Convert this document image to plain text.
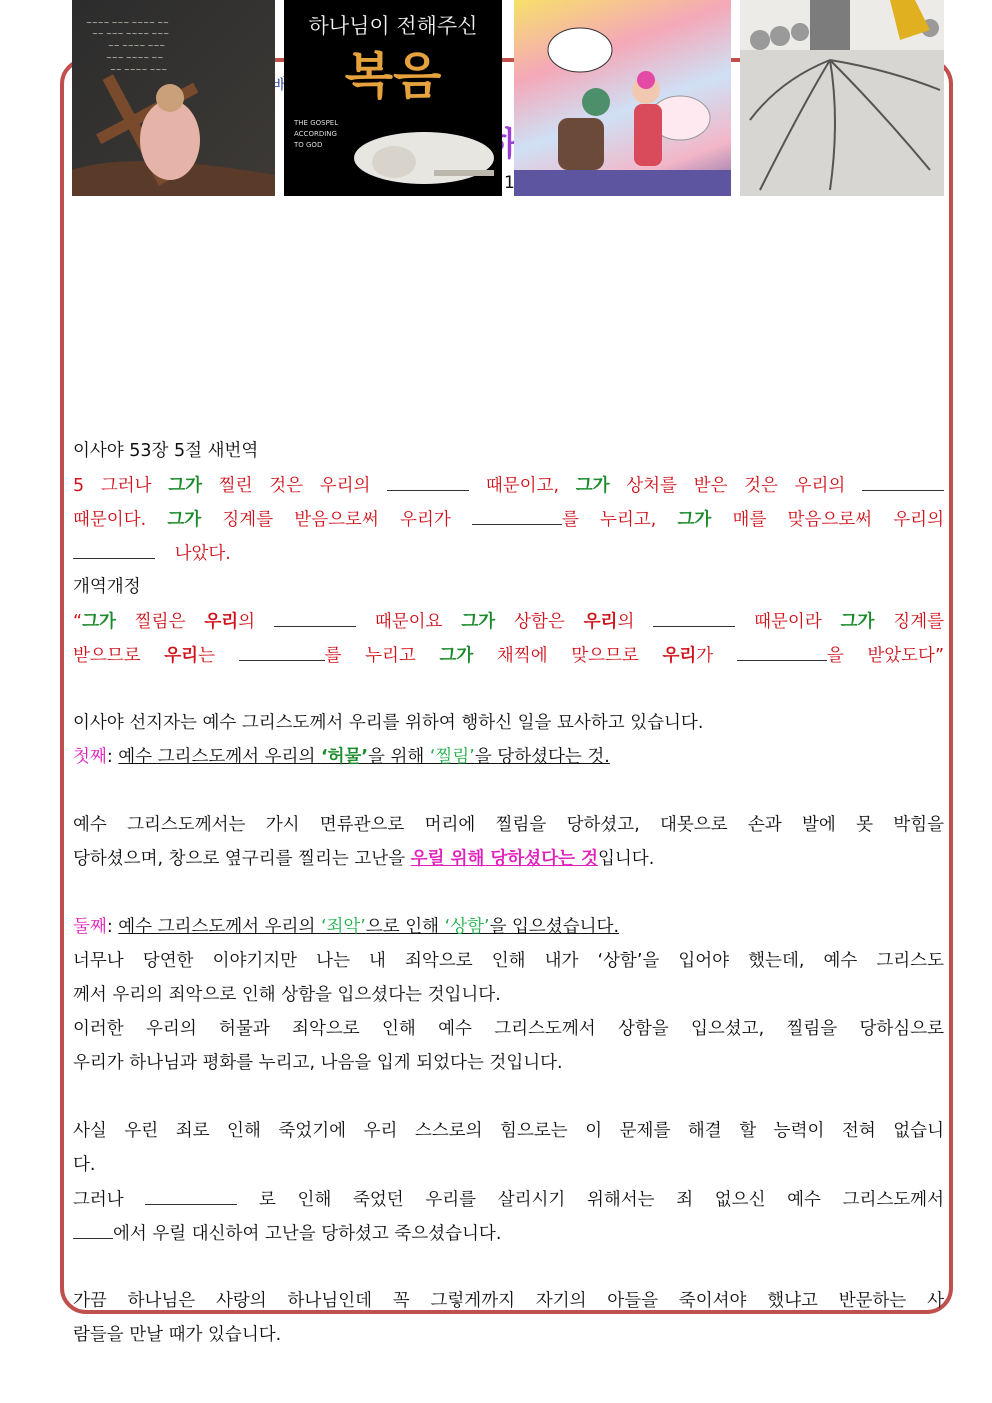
~~~~ ~~~ ~~~~ ~~
~~ ~~~ ~~~~ ~~~
~~ ~~~~ ~~~
~~~ ~~~~ ~~
~~ ~~~~ ~~~
하나님이 전해주신
복음
THE GOSPEL
ACCORDING
TO GOD
이사야 53장 5절 새번역
5 그러나 그가 찔린 것은 우리의	때문이고, 그가 상처를 받은 것은 우리의
때문이다. 그가 징계를 받음으로써 우리가	를 누리고, 그가 매를 맞음으로써 우리의
나았다.
개역개정
“그가 찔림은 우리의	때문이요 그가 상함은 우리의	때문이라 그가 징계를
받으므로 우리는	를 누리고 그가 채찍에 맞으므로 우리가	을 받았도다”
이사야 선지자는 예수 그리스도께서 우리를 위하여 행하신 일을 묘사하고 있습니다.
첫째: 예수 그리스도께서 우리의 ‘허물’을 위해 ‘찔림’을 당하셨다는 것.
예수 그리스도께서는 가시 면류관으로 머리에 찔림을 당하셨고, 대못으로 손과 발에 못 박힘을
당하셨으며, 창으로 옆구리를 찔리는 고난을 우릴 위해 당하셨다는 것입니다.
둘째: 예수 그리스도께서 우리의 ‘죄악’으로 인해 ‘상함’을 입으셨습니다.
너무나 당연한 이야기지만 나는 내 죄악으로 인해 내가 ‘상함’을 입어야 했는데, 예수 그리스도
께서 우리의 죄악으로 인해 상함을 입으셨다는 것입니다.
이러한 우리의 허물과 죄악으로 인해 예수 그리스도께서 상함을 입으셨고, 찔림을 당하심으로
우리가 하나님과 평화를 누리고, 나음을 입게 되었다는 것입니다.
사실 우린 죄로 인해 죽었기에 우리 스스로의 힘으로는 이 문제를 해결 할 능력이 전혀 없습니
다.
그러나	로 인해 죽었던 우리를 살리시기 위해서는 죄 없으신 예수 그리스도께서
에서 우릴 대신하여 고난을 당하셨고 죽으셨습니다.
가끔 하나님은 사랑의 하나님인데 꼭 그렇게까지 자기의 아들을 죽이셔야 했냐고 반문하는 사
람들을 만날 때가 있습니다.
